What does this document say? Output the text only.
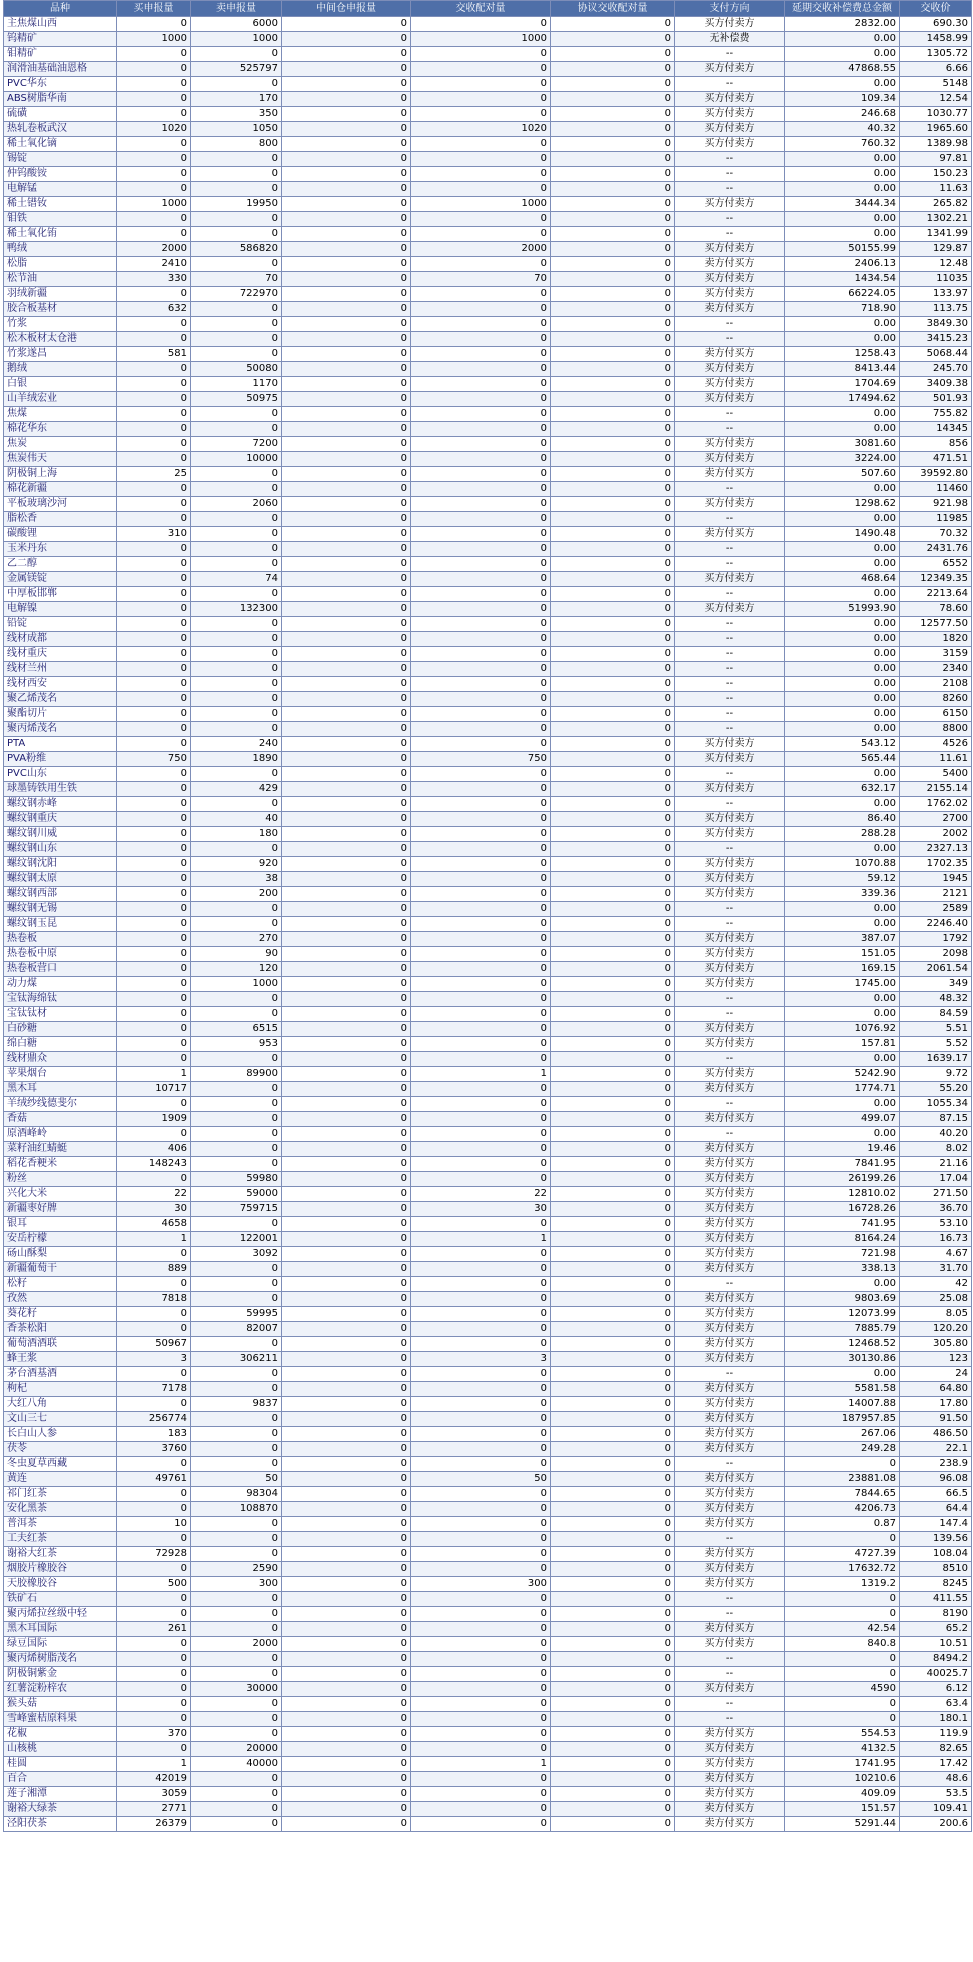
品种	买申报量	卖申报量	中间仓申报量	交收配对量	协议交收配对量	支付方向	延期交收补偿费总金额	交收价
主焦煤山西	0	6000	0	0	0	买方付卖方	2832.00	690.30
钨精矿	1000	1000	0	1000	0	无补偿费	0.00	1458.99
钼精矿	0	0	0	0	0	--	0.00	1305.72
润滑油基础油恩格	0	525797	0	0	0	买方付卖方	47868.55	6.66
PVC华东	0	0	0	0	0	--	0.00	5148
ABS树脂华南	0	170	0	0	0	买方付卖方	109.34	12.54
硫磺	0	350	0	0	0	买方付卖方	246.68	1030.77
热轧卷板武汉	1020	1050	0	1020	0	买方付卖方	40.32	1965.60
稀土氧化镝	0	800	0	0	0	买方付卖方	760.32	1389.98
锡锭	0	0	0	0	0	--	0.00	97.81
仲钨酸铵	0	0	0	0	0	--	0.00	150.23
电解锰	0	0	0	0	0	--	0.00	11.63
稀土镨钕	1000	19950	0	1000	0	买方付卖方	3444.34	265.82
钼铁	0	0	0	0	0	--	0.00	1302.21
稀土氧化铕	0	0	0	0	0	--	0.00	1341.99
鸭绒	2000	586820	0	2000	0	买方付卖方	50155.99	129.87
松脂	2410	0	0	0	0	卖方付买方	2406.13	12.48
松节油	330	70	0	70	0	买方付卖方	1434.54	11035
羽绒新疆	0	722970	0	0	0	买方付卖方	66224.05	133.97
胶合板基材	632	0	0	0	0	卖方付买方	718.90	113.75
竹浆	0	0	0	0	0	--	0.00	3849.30
松木板材太仓港	0	0	0	0	0	--	0.00	3415.23
竹浆遂昌	581	0	0	0	0	卖方付买方	1258.43	5068.44
鹅绒	0	50080	0	0	0	买方付卖方	8413.44	245.70
白银	0	1170	0	0	0	买方付卖方	1704.69	3409.38
山羊绒宏业	0	50975	0	0	0	买方付卖方	17494.62	501.93
焦煤	0	0	0	0	0	--	0.00	755.82
棉花华东	0	0	0	0	0	--	0.00	14345
焦炭	0	7200	0	0	0	买方付卖方	3081.60	856
焦炭伟天	0	10000	0	0	0	买方付卖方	3224.00	471.51
阴极铜上海	25	0	0	0	0	卖方付买方	507.60	39592.80
棉花新疆	0	0	0	0	0	--	0.00	11460
平板玻璃沙河	0	2060	0	0	0	买方付卖方	1298.62	921.98
脂松香	0	0	0	0	0	--	0.00	11985
碳酸锂	310	0	0	0	0	卖方付买方	1490.48	70.32
玉米丹东	0	0	0	0	0	--	0.00	2431.76
乙二醇	0	0	0	0	0	--	0.00	6552
金属镁锭	0	74	0	0	0	买方付卖方	468.64	12349.35
中厚板邯郸	0	0	0	0	0	--	0.00	2213.64
电解镍	0	132300	0	0	0	买方付卖方	51993.90	78.60
铅锭	0	0	0	0	0	--	0.00	12577.50
线材成都	0	0	0	0	0	--	0.00	1820
线材重庆	0	0	0	0	0	--	0.00	3159
线材兰州	0	0	0	0	0	--	0.00	2340
线材西安	0	0	0	0	0	--	0.00	2108
聚乙烯茂名	0	0	0	0	0	--	0.00	8260
聚酯切片	0	0	0	0	0	--	0.00	6150
聚丙烯茂名	0	0	0	0	0	--	0.00	8800
PTA	0	240	0	0	0	买方付卖方	543.12	4526
PVA粉维	750	1890	0	750	0	买方付卖方	565.44	11.61
PVC山东	0	0	0	0	0	--	0.00	5400
球墨铸铁用生铁	0	429	0	0	0	买方付卖方	632.17	2155.14
螺纹钢赤峰	0	0	0	0	0	--	0.00	1762.02
螺纹钢重庆	0	40	0	0	0	买方付卖方	86.40	2700
螺纹钢川威	0	180	0	0	0	买方付卖方	288.28	2002
螺纹钢山东	0	0	0	0	0	--	0.00	2327.13
螺纹钢沈阳	0	920	0	0	0	买方付卖方	1070.88	1702.35
螺纹钢太原	0	38	0	0	0	买方付卖方	59.12	1945
螺纹钢西部	0	200	0	0	0	买方付卖方	339.36	2121
螺纹钢无锡	0	0	0	0	0	--	0.00	2589
螺纹钢玉昆	0	0	0	0	0	--	0.00	2246.40
热卷板	0	270	0	0	0	买方付卖方	387.07	1792
热卷板中原	0	90	0	0	0	买方付卖方	151.05	2098
热卷板营口	0	120	0	0	0	买方付卖方	169.15	2061.54
动力煤	0	1000	0	0	0	买方付卖方	1745.00	349
宝钛海绵钛	0	0	0	0	0	--	0.00	48.32
宝钛钛材	0	0	0	0	0	--	0.00	84.59
白砂糖	0	6515	0	0	0	买方付卖方	1076.92	5.51
绵白糖	0	953	0	0	0	买方付卖方	157.81	5.52
线材鼎众	0	0	0	0	0	--	0.00	1639.17
苹果烟台	1	89900	0	1	0	买方付卖方	5242.90	9.72
黑木耳	10717	0	0	0	0	卖方付买方	1774.71	55.20
羊绒纱线德斐尔	0	0	0	0	0	--	0.00	1055.34
香菇	1909	0	0	0	0	卖方付买方	499.07	87.15
原酒峰岭	0	0	0	0	0	--	0.00	40.20
菜籽油红蜻蜓	406	0	0	0	0	卖方付买方	19.46	8.02
稻花香粳米	148243	0	0	0	0	卖方付买方	7841.95	21.16
粉丝	0	59980	0	0	0	买方付卖方	26199.26	17.04
兴化大米	22	59000	0	22	0	买方付卖方	12810.02	271.50
新疆枣好牌	30	759715	0	30	0	买方付卖方	16728.26	36.70
银耳	4658	0	0	0	0	卖方付买方	741.95	53.10
安岳柠檬	1	122001	0	1	0	买方付卖方	8164.24	16.73
砀山酥梨	0	3092	0	0	0	买方付卖方	721.98	4.67
新疆葡萄干	889	0	0	0	0	卖方付买方	338.13	31.70
松籽	0	0	0	0	0	--	0.00	42
孜然	7818	0	0	0	0	卖方付买方	9803.69	25.08
葵花籽	0	59995	0	0	0	买方付卖方	12073.99	8.05
香茶松阳	0	82007	0	0	0	买方付卖方	7885.79	120.20
葡萄酒酒联	50967	0	0	0	0	卖方付买方	12468.52	305.80
蜂王浆	3	306211	0	3	0	买方付卖方	30130.86	123
茅台酒基酒	0	0	0	0	0	--	0.00	24
枸杞	7178	0	0	0	0	卖方付买方	5581.58	64.80
大红八角	0	9837	0	0	0	买方付卖方	14007.88	17.80
文山三七	256774	0	0	0	0	卖方付买方	187957.85	91.50
长白山人参	183	0	0	0	0	卖方付买方	267.06	486.50
茯苓	3760	0	0	0	0	卖方付买方	249.28	22.1
冬虫夏草西藏	0	0	0	0	0	--	0	238.9
黄连	49761	50	0	50	0	卖方付买方	23881.08	96.08
祁门红茶	0	98304	0	0	0	买方付卖方	7844.65	66.5
安化黑茶	0	108870	0	0	0	买方付卖方	4206.73	64.4
普洱茶	10	0	0	0	0	卖方付买方	0.87	147.4
工夫红茶	0	0	0	0	0	--	0	139.56
谢裕大红茶	72928	0	0	0	0	卖方付买方	4727.39	108.04
烟胶片橡胶谷	0	2590	0	0	0	买方付卖方	17632.72	8510
天胶橡胶谷	500	300	0	300	0	卖方付买方	1319.2	8245
铁矿石	0	0	0	0	0	--	0	411.55
聚丙烯拉丝级中轻	0	0	0	0	0	--	0	8190
黑木耳国际	261	0	0	0	0	卖方付买方	42.54	65.2
绿豆国际	0	2000	0	0	0	买方付卖方	840.8	10.51
聚丙烯树脂茂名	0	0	0	0	0	--	0	8494.2
阴极铜紫金	0	0	0	0	0	--	0	40025.7
红薯淀粉梓农	0	30000	0	0	0	买方付卖方	4590	6.12
猴头菇	0	0	0	0	0	--	0	63.4
雪峰蜜桔原料果	0	0	0	0	0	--	0	180.1
花椒	370	0	0	0	0	卖方付买方	554.53	119.9
山核桃	0	20000	0	0	0	买方付卖方	4132.5	82.65
桂圆	1	40000	0	1	0	买方付卖方	1741.95	17.42
百合	42019	0	0	0	0	卖方付买方	10210.6	48.6
莲子湘潭	3059	0	0	0	0	卖方付买方	409.09	53.5
谢裕大绿茶	2771	0	0	0	0	卖方付买方	151.57	109.41
泾阳茯茶	26379	0	0	0	0	卖方付买方	5291.44	200.6
